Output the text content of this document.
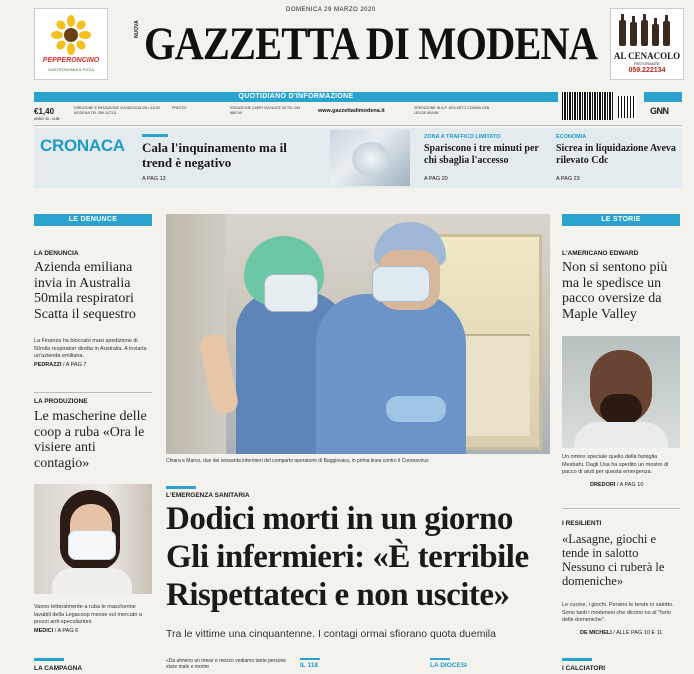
PEPPERONCINO
GASTRONOMIA & PIZZA
DOMENICA 29 MARZO 2020
NUOVA GAZZETTA DI MODENA	AL CENACOLO
RISTORANTE
059.222134
QUOTIDIANO D'INFORMAZIONE
€1,40
ANNO 40 - N.88
DIREZIONE E REDAZIONE VIA MUGGIA 2/6 • 41100 MODENA TEL 059 247311
PREZZO	REDAZIONE CARPI VIA NOCE 28 TEL 059 686745	www.gazzettadimodena.it	SPEDIZIONE IN A.P. 45% ART.2 COMMA 20/B LEGGE 662/96	GNN
CRONACA Cala l'inquinamento ma il trend è negativo
A PAG 13
ZONA A TRAFFICO LIMITATO
Spariscono i tre minuti per chi sbaglia l'accesso
A PAG 20
ECONOMIA
Sicrea in liquidazione Aveva rilevato Cdc
A PAG 23
LE DENUNCE
LA DENUNCIA
Azienda emiliana invia in Australia 50mila respiratori Scatta il sequestro
La Finanza ha bloccato maxi spedizione di 50mila respiratori diretta in Australia. A inviarla un'azienda emiliana.
PEDRAZZI / A PAG 7
LA PRODUZIONE
Le mascherine delle coop a ruba «Ora le visiere anti contagio»
Vanno letteralmente a ruba le mascherine lavabili della Legacoop messe sul mercato a prezzi anti-speculazioni.
MEDICI / A PAG 6
LA CAMPAGNA
Chiara e Marco, due dei sessanta infermieri del comparto operatorio di Baggiovara, in prima linea contro il Coronavirus
L'EMERGENZA SANITARIA
Dodici morti in un giorno
Gli infermieri: «È terribile
Rispettateci e non uscite»
Tra le vittime una cinquantenne. I contagi ormai sfiorano quota duemila
«Da almeno un mese e mezzo vediamo tante persone stare male e morire	IL 118	LA DIOCESI
LE STORIE
L'AMERICANO EDWARD
Non si sentono più ma le spedisce un pacco oversize da Maple Valley
Un omino speciale quello della famiglia Mesbahi. Dagli Usa ha spedito un mostro di pacco di aiuti per questa emergenza.
DREDORI / A PAG 10
I RESILIENTI
«Lasagne, giochi e tende in salotto Nessuno ci ruberà le domeniche»
Le cucine, i giochi. Persino le tende in salotto. Sono tanti i modenesi che dicono no al "furto delle domeniche".
DE MICHELI / ALLE PAG 10 E 11
I CALCIATORI
